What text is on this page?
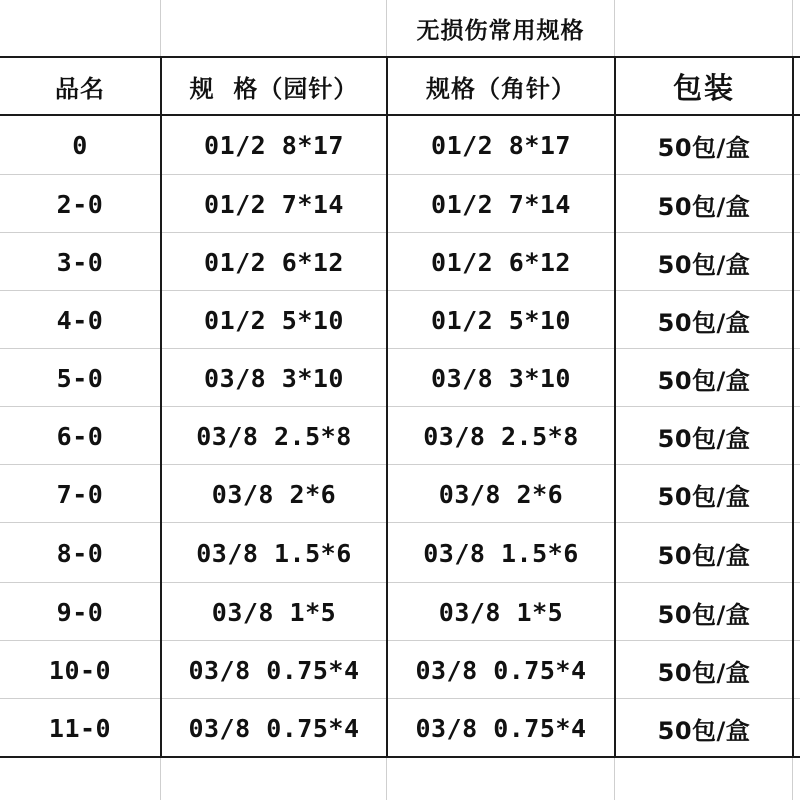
无损伤常用规格
品名	规  格（园针）	规格（角针）	包装
0	01/2 8*17	01/2 8*17	50包/盒
2-0	01/2 7*14	01/2 7*14	50包/盒
3-0	01/2 6*12	01/2 6*12	50包/盒
4-0	01/2 5*10	01/2 5*10	50包/盒
5-0	03/8 3*10	03/8 3*10	50包/盒
6-0	03/8 2.5*8	03/8 2.5*8	50包/盒
7-0	03/8 2*6	03/8 2*6	50包/盒
8-0	03/8 1.5*6	03/8 1.5*6	50包/盒
9-0	03/8 1*5	03/8 1*5	50包/盒
10-0	03/8 0.75*4	03/8 0.75*4	50包/盒
11-0	03/8 0.75*4	03/8 0.75*4	50包/盒
